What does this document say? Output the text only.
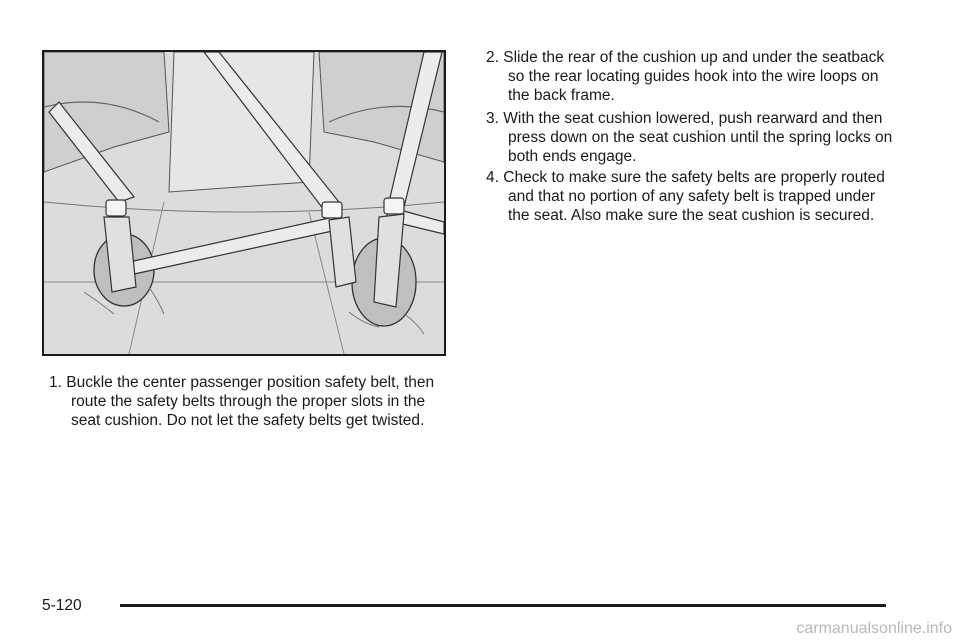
1. Buckle the center passenger position safety belt, then route the safety belts through the proper slots in the seat cushion. Do not let the safety belts get twisted.

2. Slide the rear of the cushion up and under the seatback so the rear locating guides hook into the wire loops on the back frame.

3. With the seat cushion lowered, push rearward and then press down on the seat cushion until the spring locks on both ends engage.

4. Check to make sure the safety belts are properly routed and that no portion of any safety belt is trapped under the seat. Also make sure the seat cushion is secured.

5-120
carmanualsonline.info
